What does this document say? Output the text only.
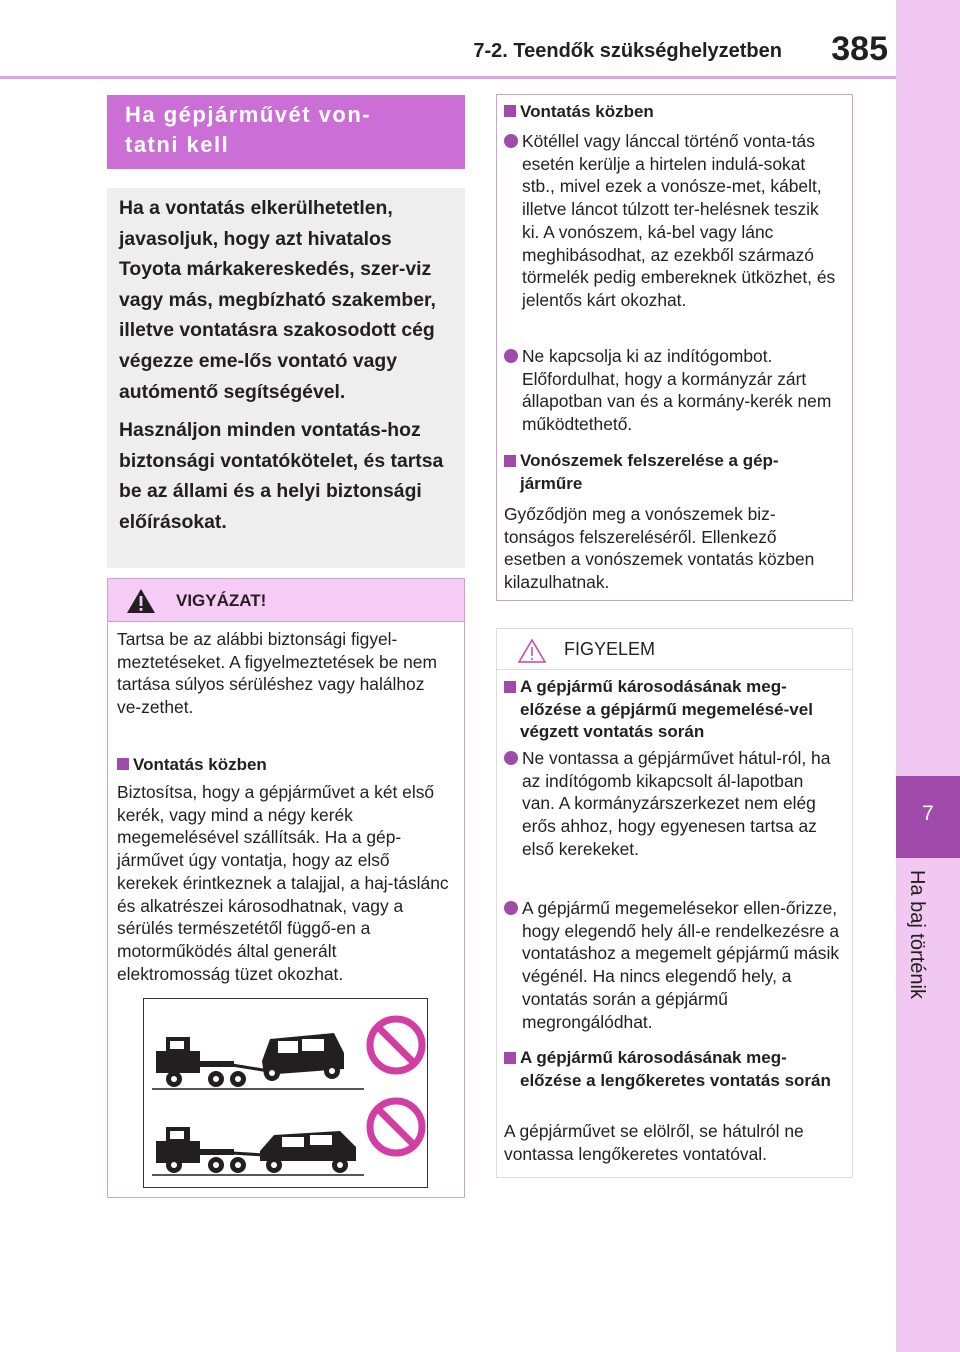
7-2. Teendők szükséghelyzetben 385
7
Ha baj történik
Ha gépjárművét von-
tatni kell

Ha a vontatás elkerülhetetlen, javasoljuk, hogy azt hivatalos Toyota márkakereskedés, szer-viz vagy más, megbízható szakember, illetve vontatásra szakosodott cég végezze eme-lős vontató vagy autómentő segítségével.

Használjon minden vontatás-hoz biztonsági vontatókötelet, és tartsa be az állami és a helyi biztonsági előírásokat.

VIGYÁZAT!
Tartsa be az alábbi biztonsági figyel-meztetéseket. A figyelmeztetések be nem tartása súlyos sérüléshez vagy halálhoz ve-zethet.
Vontatás közben
Biztosítsa, hogy a gépjárművet a két első kerék, vagy mind a négy kerék megemelésével szállítsák. Ha a gép-járművet úgy vontatja, hogy az első kerekek érintkeznek a talajjal, a haj-táslánc és alkatrészei károsodhatnak, vagy a sérülés természetétől függő-en a motorműködés által generált elektromosság tüzet okozhat.
Vontatás közben
Kötéllel vagy lánccal történő vonta-tás esetén kerülje a hirtelen indulá-sokat stb., mivel ezek a vonósze-met, kábelt, illetve láncot túlzott ter-helésnek teszik ki. A vonószem, ká-bel vagy lánc meghibásodhat, az ezekből származó törmelék pedig embereknek ütközhet, és jelentős kárt okozhat.
Ne kapcsolja ki az indítógombot. Előfordulhat, hogy a kormányzár zárt állapotban van és a kormány-kerék nem működtethető.
Vonószemek felszerelése a gép-járműre
Győződjön meg a vonószemek biz-tonságos felszereléséről. Ellenkező esetben a vonószemek vontatás közben kilazulhatnak.
FIGYELEM
A gépjármű károsodásának meg-előzése a gépjármű megemelésé-vel végzett vontatás során
Ne vontassa a gépjárművet hátul-ról, ha az indítógomb kikapcsolt ál-lapotban van. A kormányzárszerkezet nem elég erős ahhoz, hogy egyenesen tartsa az első kerekeket.
A gépjármű megemelésekor ellen-őrizze, hogy elegendő hely áll-e rendelkezésre a vontatáshoz a megemelt gépjármű másik végénél. Ha nincs elegendő hely, a vontatás során a gépjármű megrongálódhat.
A gépjármű károsodásának meg-előzése a lengőkeretes vontatás során
A gépjárművet se elölről, se hátulról ne vontassa lengőkeretes vontatóval.
